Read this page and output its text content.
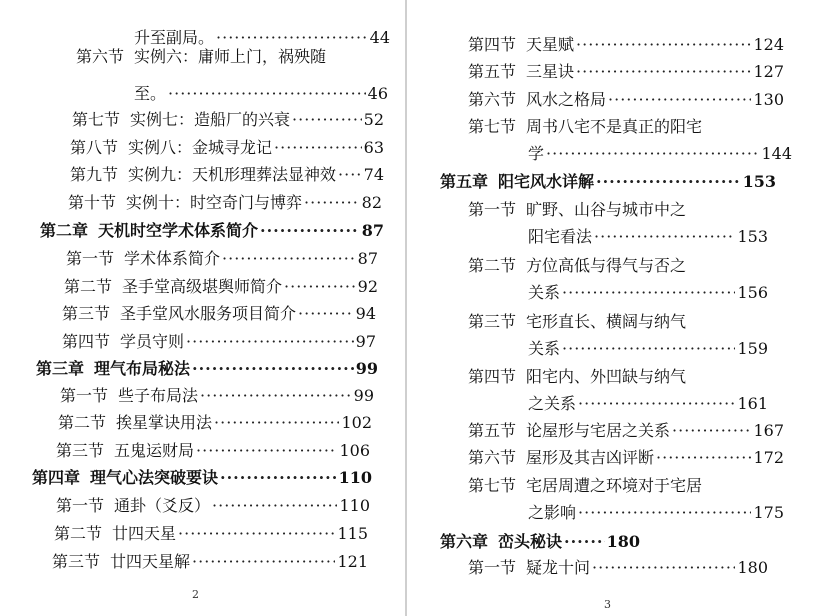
升至副局。 ·····	44
第六节 实例六：庸师上门，祸殃随
至。 ·····	46
第七节 实例七：造船厂的兴衰 ·····	52
第八节 实例八：金城寻龙记 ·····	63
第九节 实例九：天机形理葬法显神效 ····· 74
第十节 实例十：时空奇门与博弈 ·····	82
第二章 天机时空学术体系简介 ·····	87
第一节 学术体系简介 ·····	87
第二节 圣手堂高级堪舆师简介 ·····	92
第三节 圣手堂风水服务项目简介 ·····	94
第四节 学员守则 ·····	97
第三章 理气布局秘法 ·····	99
第一节 些子布局法 ·····	99
第二节 挨星掌诀用法 ·····	102
第三节 五鬼运财局 ·····	106
第四章 理气心法突破要诀 ·····	110
第一节 通卦（爻反） ·····	110
第二节 廿四天星 ·····	115
第三节 廿四天星解 ·····	121
2
第四节 天星赋 ·····	124
第五节 三星诀 ·····	127
第六节 风水之格局 ·····	130
第七节 周书八宅不是真正的阳宅
学 ·····	144
第五章 阳宅风水详解 ·····	153
第一节 旷野、山谷与城市中之
阳宅看法 ·····	153
第二节 方位高低与得气与否之
关系 ·····	156
第三节 宅形直长、横阔与纳气
关系 ·····	159
第四节 阳宅内、外凹缺与纳气
之关系 ·····	161
第五节 论屋形与宅居之关系 ·····	167
第六节 屋形及其吉凶评断 ·····	172
第七节 宅居周遭之环境对于宅居
之影响 ·····	175
第六章 峦头秘诀 ·····	180
第一节 疑龙十问 ·····	180
3
